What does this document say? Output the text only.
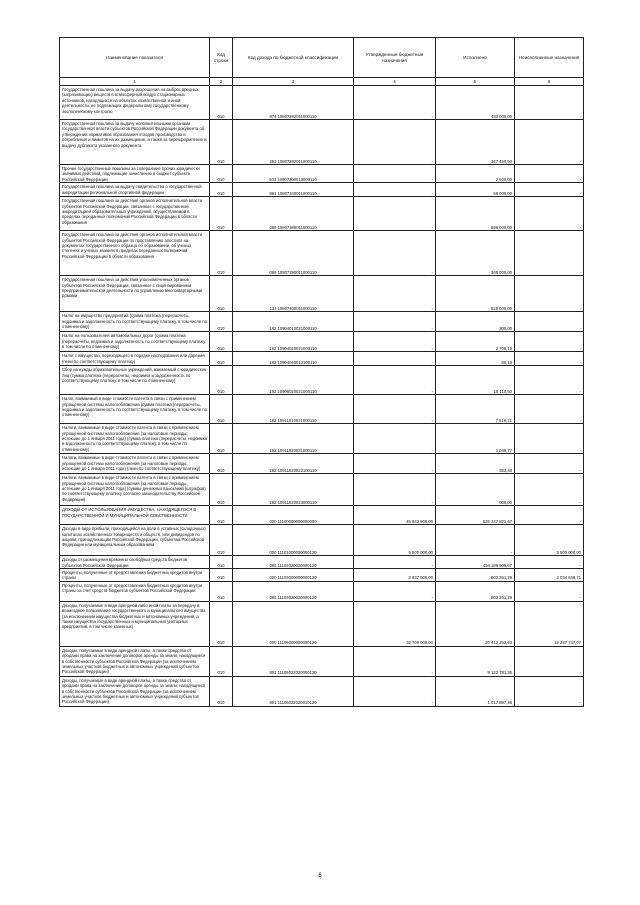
Наименование показателя	Код строки	Код дохода по бюджетной классификации	Утвержденные бюджетные назначения	Исполнено	Неисполненные назначения
1	2	3	4	5	6
Государственная пошлина за выдачу разрешения на выброс вредных (загрязняющих) веществ в атмосферный воздух стационарных источников, находящихся на объектах хозяйственной и иной деятельности, не подлежащих федеральному государственному экологическому контролю	010	874 10807282011000110	-	483 000,00	-
Государственная пошлина за выдачу исполнительными органами государственной власти субъектов Российской Федерации документа об утверждении нормативов образования отходов производства и потребления и лимитов на их размещение, а также за переоформление и выдачу дубликата указанного документа	010	253 10807282011000110	-	367 450,50	-
Прочие государственные пошлины за совершение прочих юридически значимых действий, подлежащие зачислению в бюджет субъекта Российской Федерации	010	503 10807300010000110	-	2 500,00	-
Государственная пошлина за выдачу свидетельства о государственной аккредитации региональной спортивной федерации	010	861 10807340011000110	-	69 000,00	-
Государственная пошлина за действия органов исполнительной власти субъектов Российской Федерации, связанные с государственной аккредитацией образовательных учреждений, осуществляемой в пределах переданных полномочий Российской Федерации в области образования	010	069 10807380011000110	-	696 000,00	-
Государственная пошлина за действия органов исполнительной власти субъектов Российской Федерации по проставлению апостиля на документах государственного образца об образовании, об ученых степенях и ученых званиях в пределах переданных полномочий Российской Федерации в области образования	010	069 10807390011000110	-	365 000,00	-
Государственная пошлина за действия уполномоченных органов субъектов Российской Федерации, связанные с лицензированием предпринимательской деятельности по управлению многоквартирными домами	010	133 10807400011000110	-	825 000,00	-
Налог на имущество предприятий (сумма платежа (перерасчеты, недоимка и задолженность по соответствующему платежу, в том числе по отмененному)	010	182 10904010021000110	-	300,00	-
Налог на пользователей автомобильных дорог (сумма платежа (перерасчеты, недоимка и задолженность по соответствующему платежу, в том числе по отмененному)	010	182 10904020021000110	-	2 708,19	-
Налог с имущества, переходящего в порядке наследования или дарения (пени по соответствующему платежу)	010	182 10904040012100110	-	80,19	-
Сбор на нужды образовательных учреждений, взимаемый с юридических лиц (сумма платежа (перерасчеты, недоимка и задолженность по соответствующему платежу, в том числе по отмененному)	010	182 10906020021000110	-	18 110,50	-
Налог, взимаемый в виде стоимости патента в связи с применением упрощенной системы налогообложения (сумма платежа (перерасчеты, недоимка и задолженность по соответствующему платежу, в том числе по отмененному)	010	182 10911010021000110	-	7 516,21	-
Налоги, взимаемые в виде стоимости патента в связи с применением упрощенной системы налогообложения (за налоговые периоды, истекшие до 1 января 2011 года) (сумма платежа (перерасчеты, недоимка и задолженность по соответствующему платежу, в том числе по отмененному)	010	182 10911020021000110	-	1 049,77	-
Налоги, взимаемые в виде стоимости патента в связи с применением упрощенной системы налогообложения (за налоговые периоды, истекшие до 1 января 2011 года) (пени по соответствующему платежу)	010	182 10911020022100110	-	363,48	-
Налоги, взимаемые в виде стоимости патента в связи с применением упрощенной системы налогообложения (за налоговые периоды, истекшие до 1 января 2011 года) (суммы денежных взысканий (штрафов) по соответствующему платежу согласно законодательству Российской Федерации)	010	182 10911020023000110	-	900,00	-
ДОХОДЫ ОТ ИСПОЛЬЗОВАНИЯ ИМУЩЕСТВА, НАХОДЯЩЕГОСЯ В ГОСУДАРСТВЕННОЙ И МУНИЦИПАЛЬНОЙ СОБСТВЕННОСТИ	010	000 11100000000000000	45 843 900,00	526 247 821,67	-
Доходы в виде прибыли, приходящейся на доли в уставных (складочных) капиталах хозяйственных товариществ и обществ, или дивидендов по акциям, принадлежащим Российской Федерации, субъектам Российской Федерации или муниципальным образованиям	010	000 11101000000000120	5 500 000,00	-	5 500 000,00
Доходы от размещения временно свободных средств бюджетов субъектов Российской Федерации	010	065 11102020020000120	-	494 189 909,67	-
Проценты, полученные от предоставления бюджетных кредитов внутри страны	010	000 11103000000000120	2 837 900,00	803 251,29	2 034 648,71
Проценты, полученные от предоставления бюджетных кредитов внутри страны за счет средств бюджетов субъектов Российской Федерации	010	065 11103020020000120	-	803 251,29	-
Доходы, получаемые в виде арендной либо иной платы за передачу в возмездное пользование государственного и муниципального имущества (за исключением имущества бюджетных и автономных учреждений, а также имущества государственных и муниципальных унитарных предприятий, в том числе казенных)	010	000 11105000000000120	32 700 000,00	20 412 252,93	12 287 747,07
Доходы, получаемые в виде арендной платы, а также средства от продажи права на заключение договоров аренды за земли, находящиеся в собственности субъектов Российской Федерации (за исключением земельных участков бюджетных и автономных учреждений субъектов Российской Федерации)	010	801 11105022020000120	-	9 122 781,36	-
Доходы, получаемые в виде арендной платы, а также средства от продажи права на заключение договоров аренды за земли, находящиеся в собственности субъектов Российской Федерации (за исключением земельных участков бюджетных и автономных учреждений субъектов Российской Федерации)	010	801 11105022020010120	-	1 017 897,46	-
6
